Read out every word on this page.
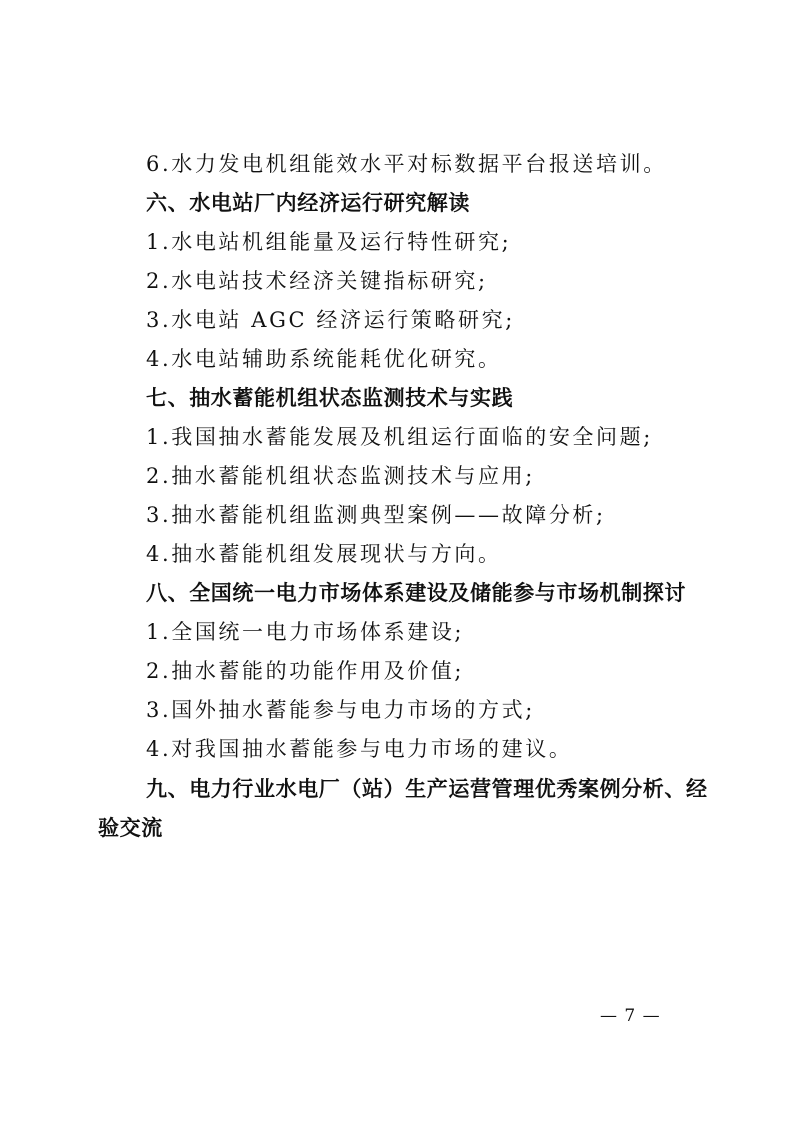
6.水力发电机组能效水平对标数据平台报送培训。
六、水电站厂内经济运行研究解读
1.水电站机组能量及运行特性研究;
2.水电站技术经济关键指标研究;
3.水电站 AGC 经济运行策略研究;
4.水电站辅助系统能耗优化研究。
七、抽水蓄能机组状态监测技术与实践
1.我国抽水蓄能发展及机组运行面临的安全问题;
2.抽水蓄能机组状态监测技术与应用;
3.抽水蓄能机组监测典型案例——故障分析;
4.抽水蓄能机组发展现状与方向。
八、全国统一电力市场体系建设及储能参与市场机制探讨
1.全国统一电力市场体系建设;
2.抽水蓄能的功能作用及价值;
3.国外抽水蓄能参与电力市场的方式;
4.对我国抽水蓄能参与电力市场的建议。
九、电力行业水电厂（站）生产运营管理优秀案例分析、经
验交流
— 7 —
